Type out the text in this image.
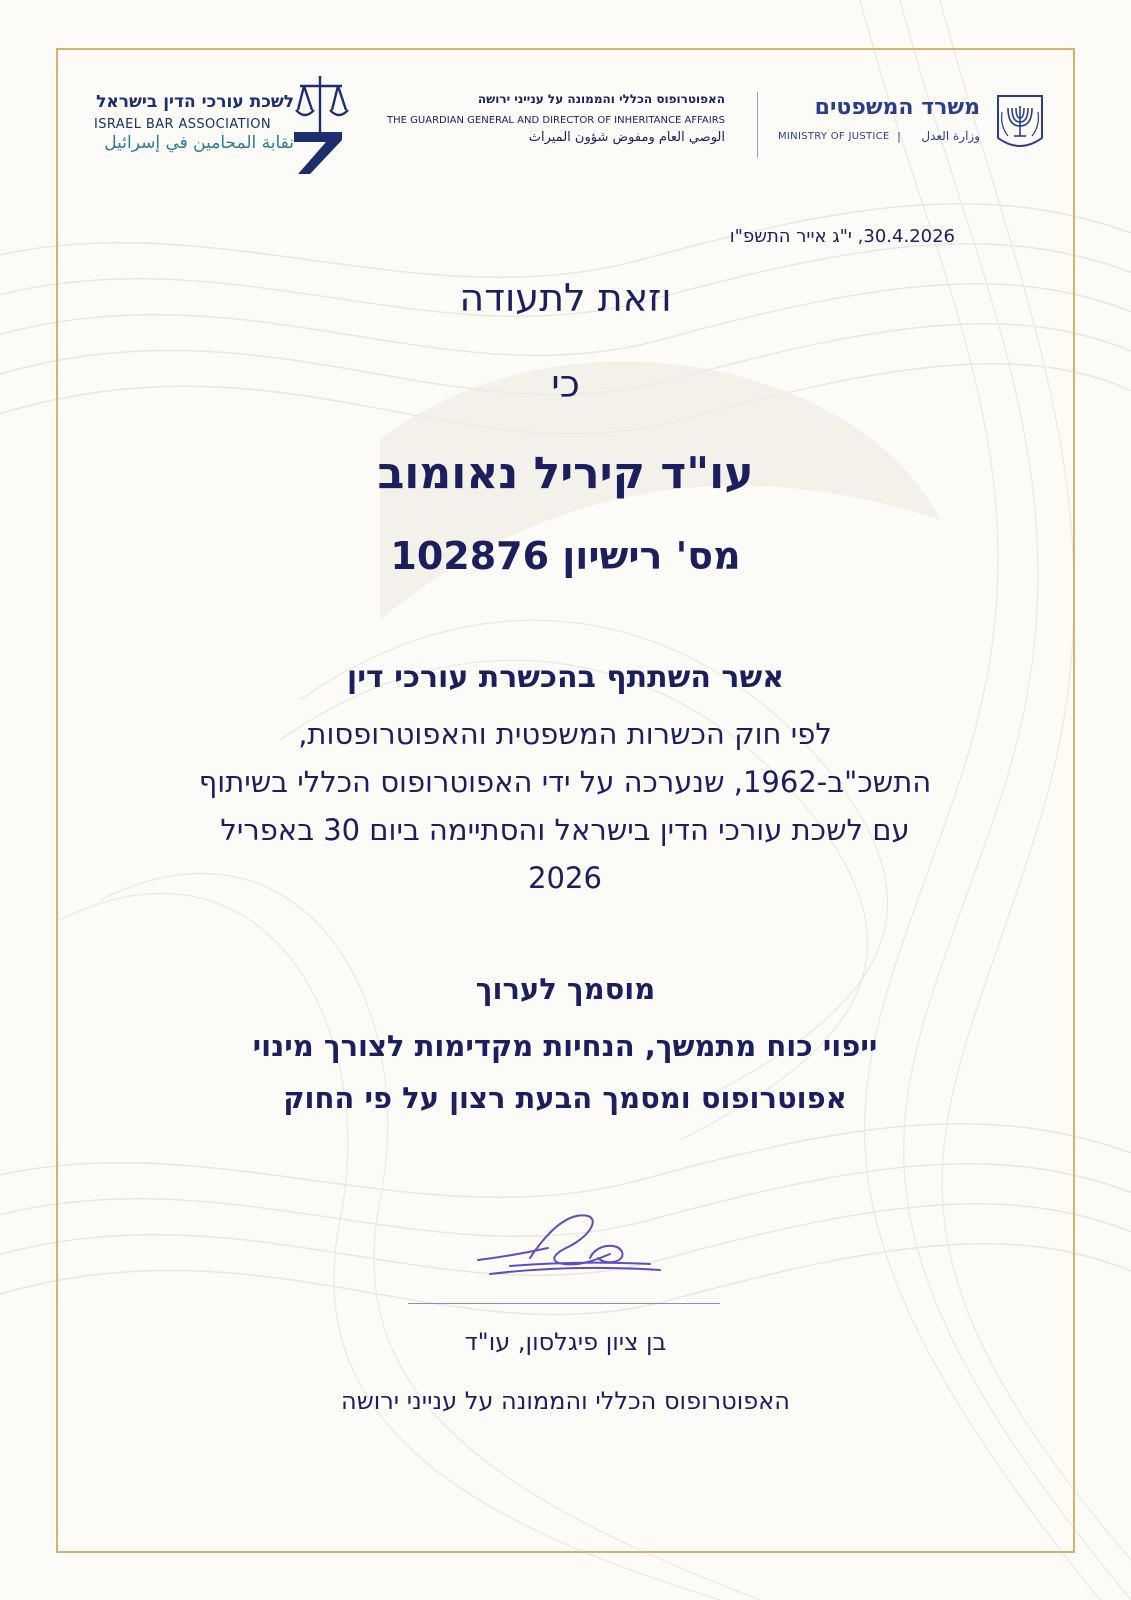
משרד המשפטים
MINISTRY OF JUSTICE |	وزارة العدل
האפוטרופוס הכללי והממונה על ענייני ירושה
THE GUARDIAN GENERAL AND DIRECTOR OF INHERITANCE AFFAIRS
الوصي العام ومفوض شؤون الميراث
לשכת עורכי הדין בישראל
ISRAEL BAR ASSOCIATION
نقابة المحامين في إسرائيل
30.4.2026, י"ג אייר התשפ"ו
וזאת לתעודה
כי
עו"ד קיריל נאומוב
מס' רישיון 102876
אשר השתתף בהכשרת עורכי דין
לפי חוק הכשרות המשפטית והאפוטרופסות, התשכ"ב-1962, שנערכה על ידי האפוטרופוס הכללי בשיתוף עם לשכת עורכי הדין בישראל והסתיימה ביום 30 באפריל 2026
מוסמך לערוך
ייפוי כוח מתמשך, הנחיות מקדימות לצורך מינוי אפוטרופוס ומסמך הבעת רצון על פי החוק
בן ציון פיגלסון, עו"ד
האפוטרופוס הכללי והממונה על ענייני ירושה
